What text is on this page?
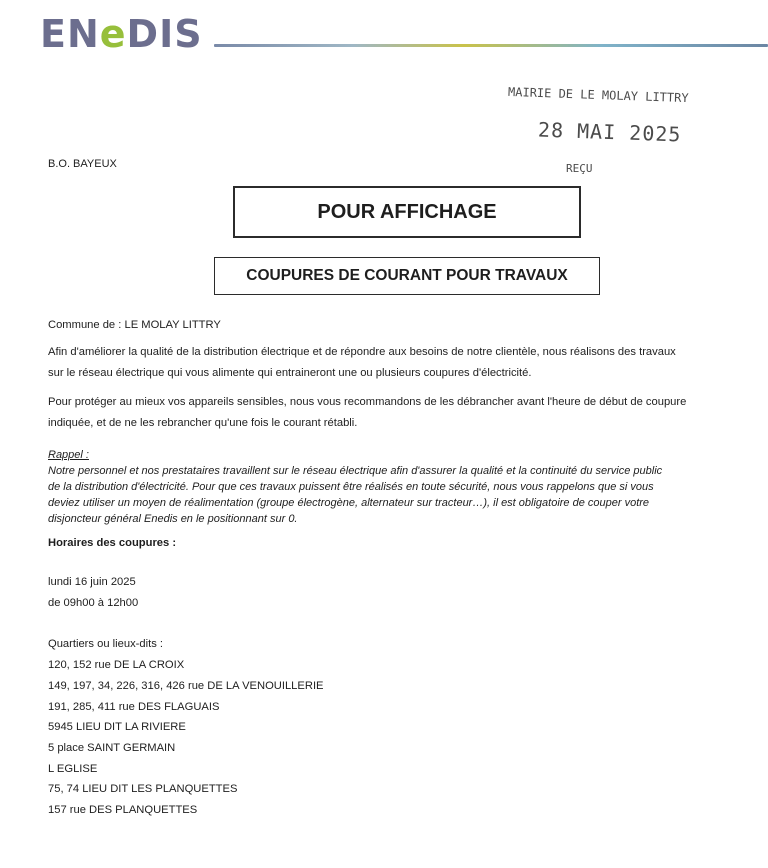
ENeDIS
MAIRIE DE LE MOLAY LITTRY
28 MAI 2025
REÇU
B.O. BAYEUX
POUR AFFICHAGE
COUPURES DE COURANT POUR TRAVAUX
Commune de : LE MOLAY LITTRY
Afin d'améliorer la qualité de la distribution électrique et de répondre aux besoins de notre clientèle, nous réalisons des travaux
sur le réseau électrique qui vous alimente qui entraineront une ou plusieurs coupures d'électricité.
Pour protéger au mieux vos appareils sensibles, nous vous recommandons de les débrancher avant l'heure de début de coupure
indiquée, et de ne les rebrancher qu'une fois le courant rétabli.
Rappel :
Notre personnel et nos prestataires travaillent sur le réseau électrique afin d'assurer la qualité et la continuité du service public
de la distribution d'électricité. Pour que ces travaux puissent être réalisés en toute sécurité, nous vous rappelons que si vous
deviez utiliser un moyen de réalimentation (groupe électrogène, alternateur sur tracteur…), il est obligatoire de couper votre
disjoncteur général Enedis en le positionnant sur 0.
Horaires des coupures :
lundi 16 juin 2025
de 09h00 à 12h00
Quartiers ou lieux-dits :
120, 152 rue DE LA CROIX
149, 197, 34, 226, 316, 426 rue DE LA VENOUILLERIE
191, 285, 411 rue DES FLAGUAIS
5945 LIEU DIT LA RIVIERE
5 place SAINT GERMAIN
L EGLISE
75, 74 LIEU DIT LES PLANQUETTES
157 rue DES PLANQUETTES
